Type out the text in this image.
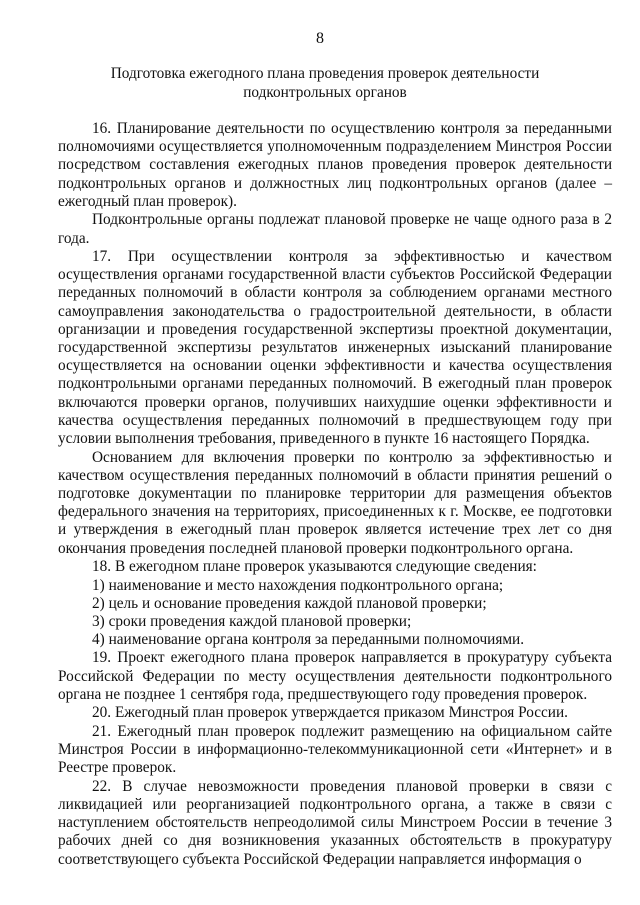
8
Подготовка ежегодного плана проведения проверок деятельности подконтрольных органов

16. Планирование деятельности по осуществлению контроля за переданными полномочиями осуществляется уполномоченным подразделением Минстроя России посредством составления ежегодных планов проведения проверок деятельности подконтрольных органов и должностных лиц подконтрольных органов (далее – ежегодный план проверок).

Подконтрольные органы подлежат плановой проверке не чаще одного раза в 2 года.

17. При осуществлении контроля за эффективностью и качеством осуществления органами государственной власти субъектов Российской Федерации переданных полномочий в области контроля за соблюдением органами местного самоуправления законодательства о градостроительной деятельности, в области организации и проведения государственной экспертизы проектной документации, государственной экспертизы результатов инженерных изысканий планирование осуществляется на основании оценки эффективности и качества осуществления подконтрольными органами переданных полномочий. В ежегодный план проверок включаются проверки органов, получивших наихудшие оценки эффективности и качества осуществления переданных полномочий в предшествующем году при условии выполнения требования, приведенного в пункте 16 настоящего Порядка.

Основанием для включения проверки по контролю за эффективностью и качеством осуществления переданных полномочий в области принятия решений о подготовке документации по планировке территории для размещения объектов федерального значения на территориях, присоединенных к г. Москве, ее подготовки и утверждения в ежегодный план проверок является истечение трех лет со дня окончания проведения последней плановой проверки подконтрольного органа.

18. В ежегодном плане проверок указываются следующие сведения:

1) наименование и место нахождения подконтрольного органа;

2) цель и основание проведения каждой плановой проверки;

3) сроки проведения каждой плановой проверки;

4) наименование органа контроля за переданными полномочиями.

19. Проект ежегодного плана проверок направляется в прокуратуру субъекта Российской Федерации по месту осуществления деятельности подконтрольного органа не позднее 1 сентября года, предшествующего году проведения проверок.

20. Ежегодный план проверок утверждается приказом Минстроя России.

21. Ежегодный план проверок подлежит размещению на официальном сайте Минстроя России в информационно-телекоммуникационной сети «Интернет» и в Реестре проверок.

22. В случае невозможности проведения плановой проверки в связи с ликвидацией или реорганизацией подконтрольного органа, а также в связи с наступлением обстоятельств непреодолимой силы Минстроем России в течение 3 рабочих дней со дня возникновения указанных обстоятельств в прокуратуру соответствующего субъекта Российской Федерации направляется информация о
